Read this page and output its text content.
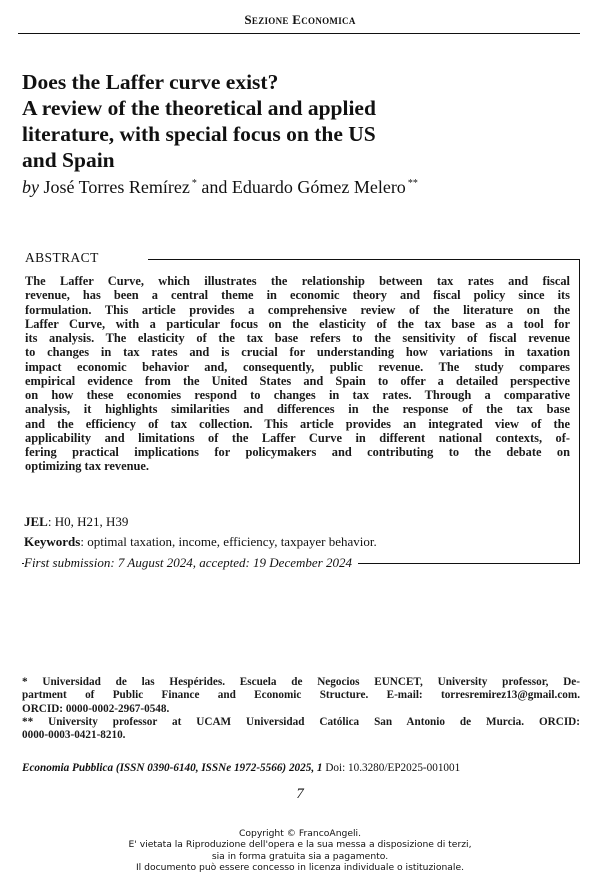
Sezione Economica
Does the Laffer curve exist?
A review of the theoretical and applied
literature, with special focus on the US
and Spain
by José Torres Remírez * and Eduardo Gómez Melero **
ABSTRACT
The Laffer Curve, which illustrates the relationship between tax rates and fiscal
revenue, has been a central theme in economic theory and fiscal policy since its
formulation. This article provides a comprehensive review of the literature on the
Laffer Curve, with a particular focus on the elasticity of the tax base as a tool for
its analysis. The elasticity of the tax base refers to the sensitivity of fiscal revenue
to changes in tax rates and is crucial for understanding how variations in taxation
impact economic behavior and, consequently, public revenue. The study compares
empirical evidence from the United States and Spain to offer a detailed perspective
on how these economies respond to changes in tax rates. Through a comparative
analysis, it highlights similarities and differences in the response of the tax base
and the efficiency of tax collection. This article provides an integrated view of the
applicability and limitations of the Laffer Curve in different national contexts, of-
fering practical implications for policymakers and contributing to the debate on
optimizing tax revenue.
JEL: H0, H21, H39
Keywords: optimal taxation, income, efficiency, taxpayer behavior.
First submission: 7 August 2024, accepted: 19 December 2024
* Universidad de las Hespérides. Escuela de Negocios EUNCET, University professor, De-
partment of Public Finance and Economic Structure. E-mail: torresremirez13@gmail.com.
ORCID: 0000-0002-2967-0548.
** University professor at UCAM Universidad Católica San Antonio de Murcia. ORCID:
0000-0003-0421-8210.
Economia Pubblica (ISSN 0390-6140, ISSNe 1972-5566) 2025, 1 Doi: 10.3280/EP2025-001001
7
Copyright © FrancoAngeli.
E' vietata la Riproduzione dell'opera e la sua messa a disposizione di terzi,
sia in forma gratuita sia a pagamento.
Il documento può essere concesso in licenza individuale o istituzionale.
